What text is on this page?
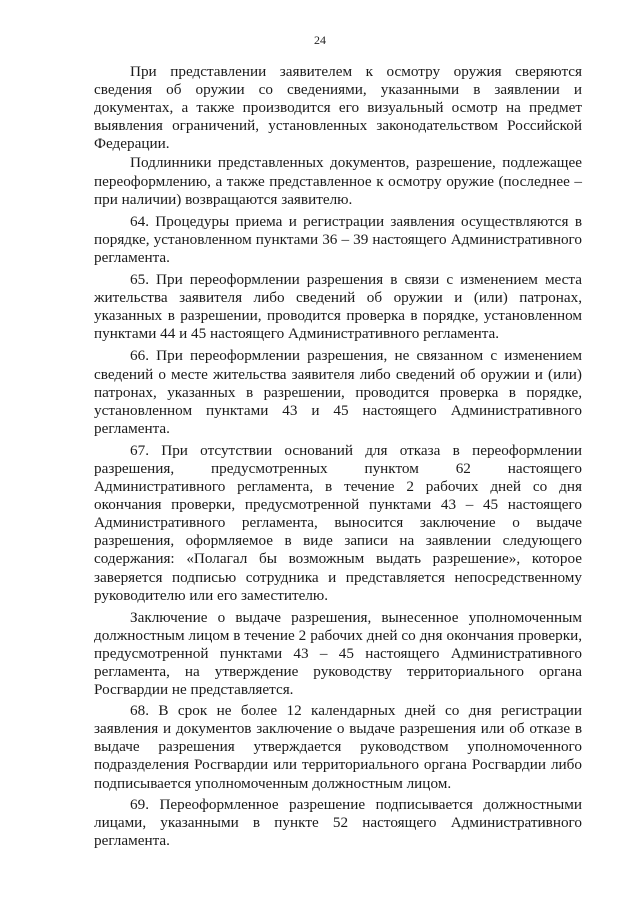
24

При представлении заявителем к осмотру оружия сверяются сведения об оружии со сведениями, указанными в заявлении и документах, а также производится его визуальный осмотр на предмет выявления ограничений, установленных законодательством Российской Федерации.

Подлинники представленных документов, разрешение, подлежащее переоформлению, а также представленное к осмотру оружие (последнее – при наличии) возвращаются заявителю.

64. Процедуры приема и регистрации заявления осуществляются в порядке, установленном пунктами 36 – 39 настоящего Административного регламента.

65. При переоформлении разрешения в связи с изменением места жительства заявителя либо сведений об оружии и (или) патронах, указанных в разрешении, проводится проверка в порядке, установленном пунктами 44 и 45 настоящего Административного регламента.

66. При переоформлении разрешения, не связанном с изменением сведений о месте жительства заявителя либо сведений об оружии и (или) патронах, указанных в разрешении, проводится проверка в порядке, установленном пунктами 43 и 45 настоящего Административного регламента.

67. При отсутствии оснований для отказа в переоформлении разрешения, предусмотренных пунктом 62 настоящего Административного регламента, в течение 2 рабочих дней со дня окончания проверки, предусмотренной пунктами 43 – 45 настоящего Административного регламента, выносится заключение о выдаче разрешения, оформляемое в виде записи на заявлении следующего содержания: «Полагал бы возможным выдать разрешение», которое заверяется подписью сотрудника и представляется непосредственному руководителю или его заместителю.

Заключение о выдаче разрешения, вынесенное уполномоченным должностным лицом в течение 2 рабочих дней со дня окончания проверки, предусмотренной пунктами 43 – 45 настоящего Административного регламента, на утверждение руководству территориального органа Росгвардии не представляется.

68. В срок не более 12 календарных дней со дня регистрации заявления и документов заключение о выдаче разрешения или об отказе в выдаче разрешения утверждается руководством уполномоченного подразделения Росгвардии или территориального органа Росгвардии либо подписывается уполномоченным должностным лицом.

69. Переоформленное разрешение подписывается должностными лицами, указанными в пункте 52 настоящего Административного регламента.
